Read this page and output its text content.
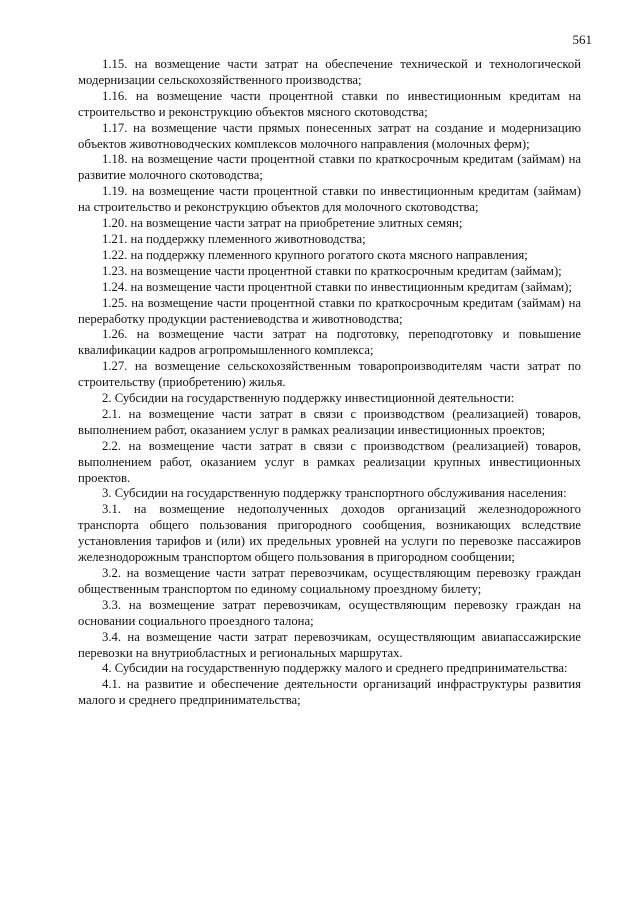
561

1.15. на возмещение части затрат на обеспечение технической и технологической модернизации сельскохозяйственного производства;

1.16. на возмещение части процентной ставки по инвестиционным кредитам на строительство и реконструкцию объектов мясного скотоводства;

1.17. на возмещение части прямых понесенных затрат на создание и модернизацию объектов животноводческих комплексов молочного направления (молочных ферм);

1.18. на возмещение части процентной ставки по краткосрочным кредитам (займам) на развитие молочного скотоводства;

1.19. на возмещение части процентной ставки по инвестиционным кредитам (займам) на строительство и реконструкцию объектов для молочного скотоводства;

1.20. на возмещение части затрат на приобретение элитных семян;

1.21. на поддержку племенного животноводства;

1.22. на поддержку племенного крупного рогатого скота мясного направления;

1.23. на возмещение части процентной ставки по краткосрочным кредитам (займам);

1.24. на возмещение части процентной ставки по инвестиционным кредитам (займам);

1.25. на возмещение части процентной ставки по краткосрочным кредитам (займам) на переработку продукции растениеводства и животноводства;

1.26. на возмещение части затрат на подготовку, переподготовку и повышение квалификации кадров агропромышленного комплекса;

1.27. на возмещение сельскохозяйственным товаропроизводителям части затрат по строительству (приобретению) жилья.

2. Субсидии на государственную поддержку инвестиционной деятельности:

2.1. на возмещение части затрат в связи с производством (реализацией) товаров, выполнением работ, оказанием услуг в рамках реализации инвестиционных проектов;

2.2. на возмещение части затрат в связи с производством (реализацией) товаров, выполнением работ, оказанием услуг в рамках реализации крупных инвестиционных проектов.

3. Субсидии на государственную поддержку транспортного обслуживания населения:

3.1. на возмещение недополученных доходов организаций железнодорожного транспорта общего пользования пригородного сообщения, возникающих вследствие установления тарифов и (или) их предельных уровней на услуги по перевозке пассажиров железнодорожным транспортом общего пользования в пригородном сообщении;

3.2. на возмещение части затрат перевозчикам, осуществляющим перевозку граждан общественным транспортом по единому социальному проездному билету;

3.3. на возмещение затрат перевозчикам, осуществляющим перевозку граждан на основании социального проездного талона;

3.4. на возмещение части затрат перевозчикам, осуществляющим авиапассажирские перевозки на внутриобластных и региональных маршрутах.

4. Субсидии на государственную поддержку малого и среднего предпринимательства:

4.1. на развитие и обеспечение деятельности организаций инфраструктуры развития малого и среднего предпринимательства;
